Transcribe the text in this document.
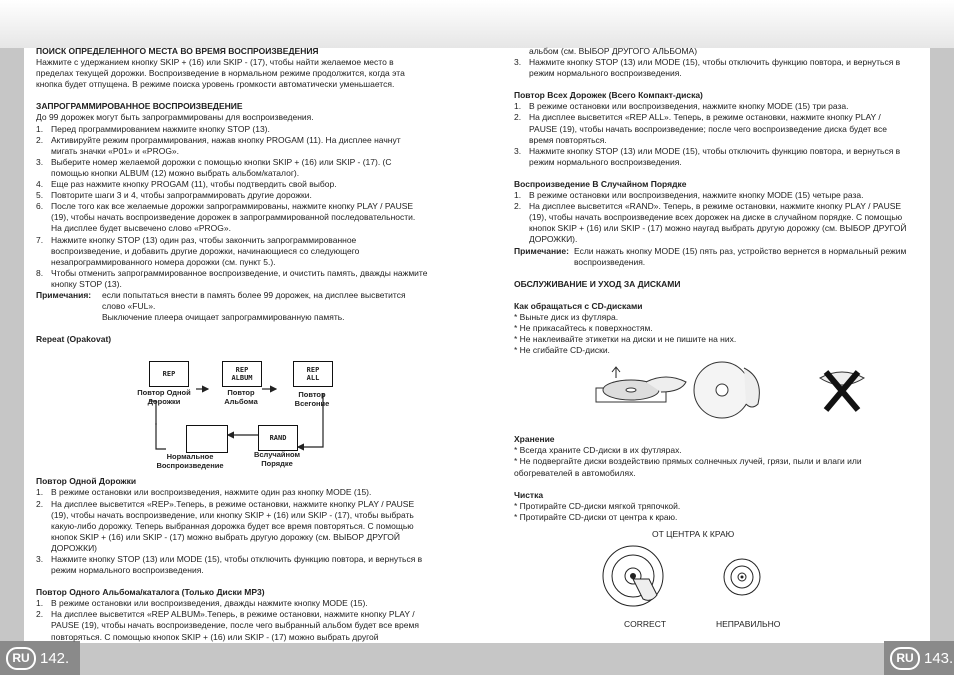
RU 142.	RU 143.

ПОИСК ОПРЕДЕЛЕННОГО МЕСТА ВО ВРЕМЯ ВОСПРОИЗВЕДЕНИЯ

Нажмите с удержанием кнопку SKIP + (16) или SKIP - (17), чтобы найти желаемое место в пределах текущей дорожки. Воспроизведение в нормальном режиме продолжится, когда эта кнопка будет отпущена. В режиме поиска уровень громкости автоматически уменьшается.

ЗАПРОГРАММИРОВАННОЕ ВОСПРОИЗВЕДЕНИЕ

До 99 дорожек могут быть запрограммированы для воспроизведения.

1. Перед программированием нажмите кнопку STOP (13).
2. Активируйте режим программирования, нажав кнопку PROGAM (11). На дисплее начнут мигать значки «P01» и «PROG».
3. Выберите номер желаемой дорожки с помощью кнопки SKIP + (16) или SKIP - (17). (С помощью кнопки ALBUM (12) можно выбрать альбом/каталог).
4. Еще раз нажмите кнопку PROGAM (11), чтобы подтвердить свой выбор.
5. Повторите шаги 3 и 4, чтобы запрограммировать другие дорожки.
6. После того как все желаемые дорожки запрограммированы, нажмите кнопку PLAY / PAUSE (19), чтобы начать воспроизведение дорожек в запрограммированной последовательности. На дисплее будет высвечено слово «PROG».
7. Нажмите кнопку STOP (13) один раз, чтобы закончить запрограммированное воспроизведение, и добавить другие дорожки, начинающиеся со следующего незапрограммированного номера дорожки (см. пункт 5.).
8. Чтобы отменить запрограммированное воспроизведение, и очистить память, дважды нажмите кнопку STOP (13).
Примечания:	если попытаться внести в память более 99 дорожек, на дисплее высветится слово «FUL».

Выключение плеера очищает запрограммированную память.

Repeat (Opakovat)

REP	REP
ALBUM
REP
ALL
RAND
Повтор Одной
Дорожки
Повтор
Альбома
Повтор
Всегоние
Нормальное
Воспроизведение
Вслучайном
Порядке

Повтор Одной Дорожки

1. В режиме остановки или воспроизведения, нажмите один раз кнопку MODE (15).
2. На дисплее высветится «REP».Теперь, в режиме остановки, нажмите кнопку PLAY / PAUSE (19), чтобы начать воспроизведение, или кнопку SKIP + (16) или SKIP - (17), чтобы выбрать какую-либо дорожку. Теперь выбранная дорожка будет все время повторяться. С помощью кнопок SKIP + (16) или SKIP - (17) можно выбрать другую дорожку (см. ВЫБОР ДРУГОЙ ДОРОЖКИ)
3. Нажмите кнопку STOP (13) или MODE (15), чтобы отключить функцию повтора, и вернуться в режим нормального воспроизведения.

Повтор Одного Альбома/каталога (Только Диски MP3)

1. В режиме остановки или воспроизведения, дважды нажмите кнопку MODE (15).
2. На дисплее высветится «REP ALBUM».Теперь, в режиме остановки, нажмите кнопку PLAY / PAUSE (19), чтобы начать воспроизведение, после чего выбранный альбом будет все время повторяться. С помощью кнопок SKIP + (16) или SKIP - (17) можно выбрать другой

альбом (см. ВЫБОР ДРУГОГО АЛЬБОМА)

3. Нажмите кнопку STOP (13) или MODE (15), чтобы отключить функцию повтора, и вернуться в режим нормального воспроизведения.

Повтор Всех Дорожек (Всего Компакт-диска)

1. В режиме остановки или воспроизведения, нажмите кнопку MODE (15) три раза.
2. На дисплее высветится «REP ALL». Теперь, в режиме остановки, нажмите кнопку PLAY / PAUSE (19), чтобы начать воспроизведение; после чего воспроизведение диска будет все время повторяться.
3. Нажмите кнопку STOP (13) или MODE (15), чтобы отключить функцию повтора, и вернуться в режим нормального воспроизведения.

Воспроизведение В Случайном Порядке

1. В режиме остановки или воспроизведения, нажмите кнопку MODE (15) четыре раза.
2. На дисплее высветится «RAND». Теперь, в режиме остановки, нажмите кнопку PLAY / PAUSE (19), чтобы начать воспроизведение всех дорожек на диске в случайном порядке. С помощью кнопок SKIP + (16) или SKIP - (17) можно наугад выбрать другую дорожку (см. ВЫБОР ДРУГОЙ ДОРОЖКИ).
Примечание: Если нажать кнопку MODE (15) пять раз, устройство вернется в нормальный режим воспроизведения.

ОБСЛУЖИВАНИЕ И УХОД ЗА ДИСКАМИ

Как обращаться с CD-дисками

* Выньте диск из футляра.

* Не прикасайтесь к поверхностям.

* Не наклеивайте этикетки на диски и не пишите на них.

* Не сгибайте CD-диски.

Хранение

* Всегда храните CD-диски в их футлярах.

* Не подвергайте диски воздействию прямых солнечных лучей, грязи, пыли и влаги или обогревателей в автомобилях.

Чистка

* Протирайте CD-диски мягкой тряпочкой.

* Протирайте CD-диски от центра к краю.

ОТ ЦЕНТРА К КРАЮ
CORRECT	НЕПРАВИЛЬНО
